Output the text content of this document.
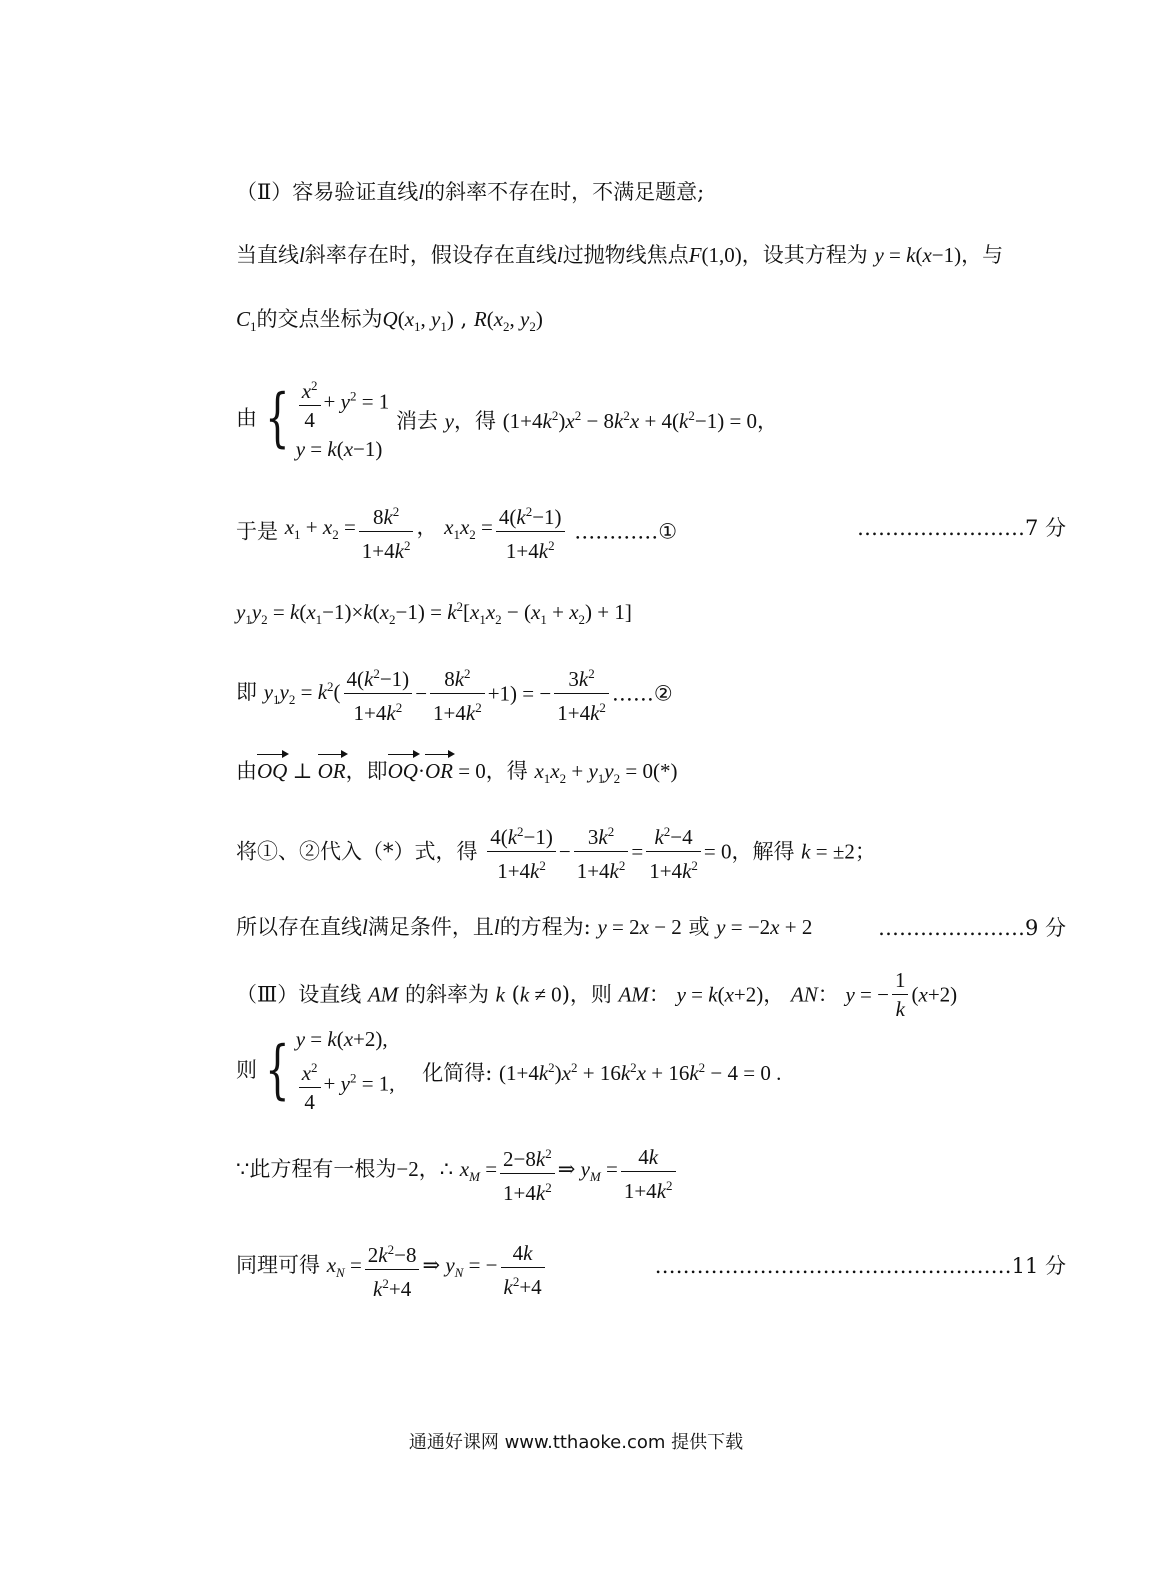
（Ⅱ）容易验证直线l的斜率不存在时，不满足题意;
当直线l斜率存在时，假设存在直线l过抛物线焦点F(1,0)，设其方程为 y = k(x−1)，与
$C_1$的交点坐标为$Q(x_1$, $y_1$) , $R(x_2$, $y_2$)
由 { $\frac{x^2}{4} + y^2 = 1$
y = k(x−1)
消去 y，得 $(1+4k^2)x^2 - 8k^2x + 4(k^2-1) = 0$，
于是 $x_1 + x_2 = \frac{8k^2}{1+4k^2}$ ， $x_1x_2 = \frac{4(k^2-1)}{1+4k^2}$ …………①	……………………7 分
$y_1y_2 = k(x_1-1)\times k(x_2-1) = k^2[x_1x_2 - (x_1 + x_2) + 1]$
即 $y_1y_2 = k^2( \frac{4(k^2-1)}{1+4k^2} - \frac{8k^2}{1+4k^2} +1)$ = − $\frac{3k^2}{1+4k^2}$ ……②
由OQ ⊥ OR，即OQ·OR = 0，得 $x_1x_2 + y_1y_2 = 0(*)$
将①、②代入（*）式，得 $\frac{4(k^2-1)}{1+4k^2} - \frac{3k^2}{1+4k^2} = \frac{k^2-4}{1+4k^2} = 0$，解得 k = ±2；
所以存在直线l满足条件，且l的方程为: y = 2x − 2 或 y = −2x + 2	…………………9 分
（Ⅲ）设直线 AM 的斜率为 k (k ≠ 0)，则 AM： y = k(x+2)， AN： y = − $\frac{1}{k} (x+2)$
则 { y = k(x+2),
$\frac{x^2}{4} + y^2 = 1$, 　 化简得: $(1+4k^2)x^2 + 16k^2x + 16k^2 - 4 = 0$ .
∵此方程有一根为−2，∴ $x_M = \frac{2-8k^2}{1+4k^2}$ ⇒ $y_M = \frac{4k}{1+4k^2}$
同理可得 $x_N = \frac{2k^2-8}{k^2+4}$ ⇒ $y_N$ = − $\frac{4k}{k^2+4}$	……………………………………………11 分
通通好课网 www.tthaoke.com 提供下载
